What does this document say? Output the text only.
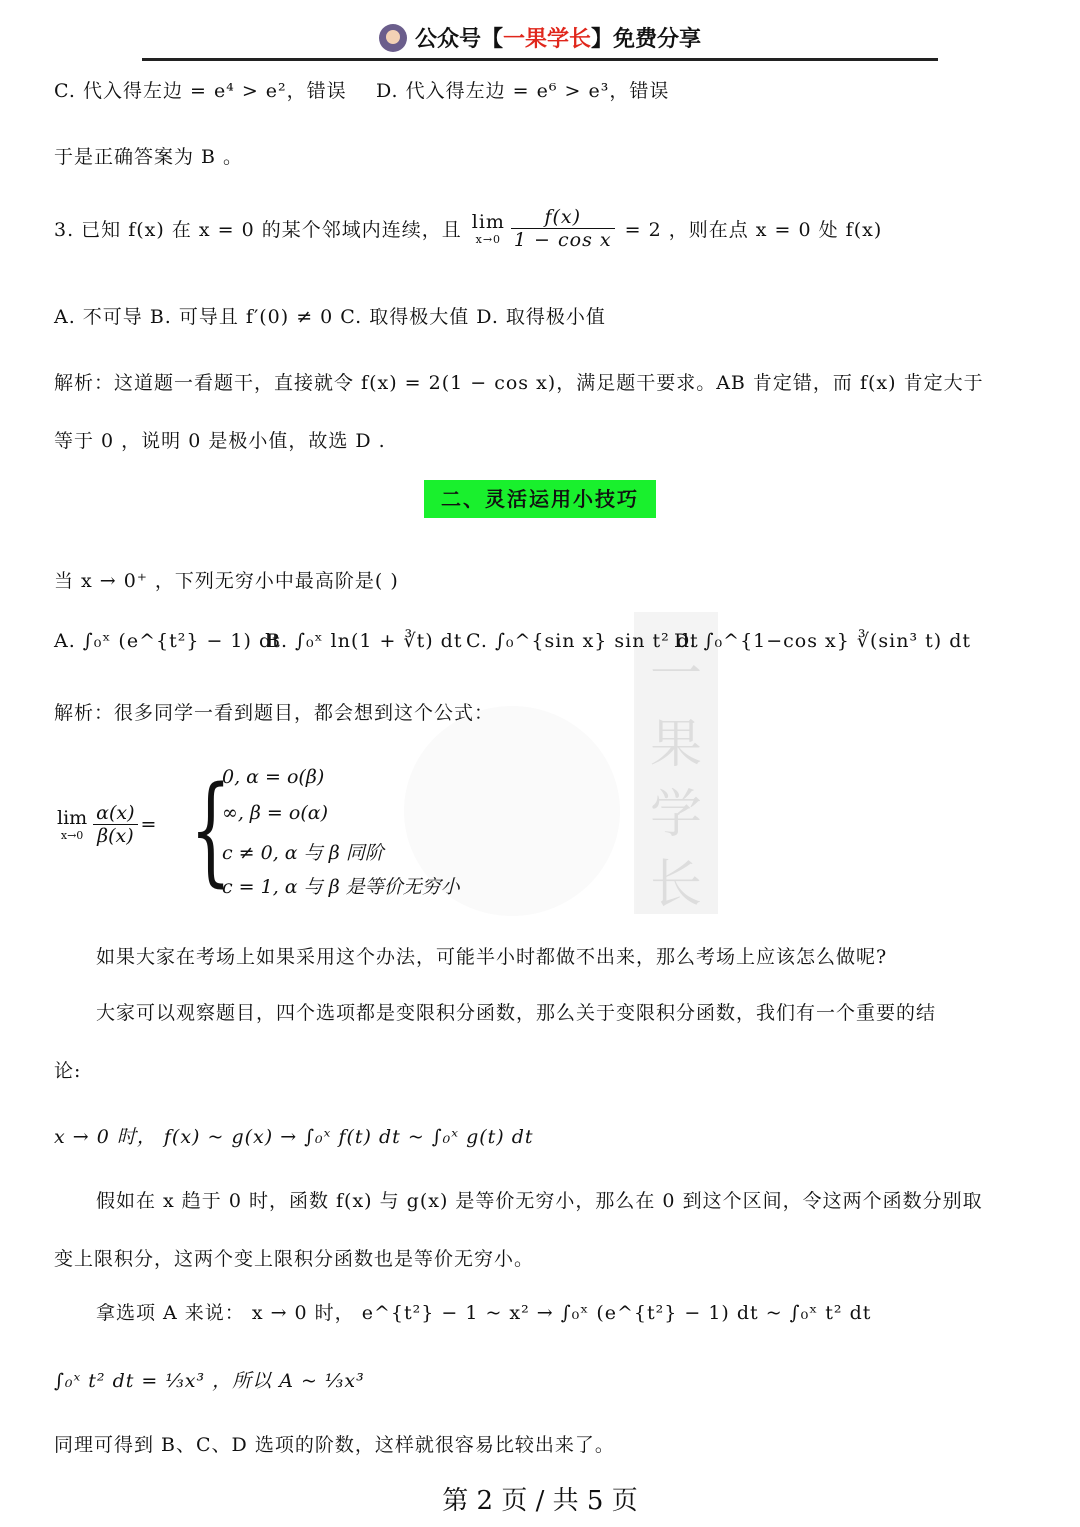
公众号【一果学长】免费分享
一
果
学
长
C. 代入得左边 = e⁴ > e²，错误 D. 代入得左边 = e⁶ > e³，错误
于是正确答案为 B 。
3. 已知 f(x) 在 x = 0 的某个邻域内连续，且 lim
$x\to 0 \frac{f(x)}{\text{1 − cos x}} = 2$ ，则在点 x = 0 处 f(x)
A. 不可导 B. 可导且 f′(0) ≠ 0 C. 取得极大值 D. 取得极小值
解析：这道题一看题干，直接就令 f(x) = 2(1 − cos x)，满足题干要求。AB 肯定错，而 f(x) 肯定大于
等于 0 ，说明 0 是极小值，故选 D .
二、灵活运用小技巧
当 x → 0⁺ ，下列无穷小中最高阶是( )
A. ∫₀ˣ (e^{t²} − 1) dt
B. ∫₀ˣ ln(1 + ∛t) dt C. ∫₀^{sin x} sin t² dt
D. ∫₀^{1−cos x} ∛(sin³ t) dt
解析：很多同学一看到题目，都会想到这个公式：
lim
$x\to 0 \frac{\alpha(x)}{\beta(x)}$ = {
0, α = o(β)
∞, β = o(α)
c ≠ 0, α 与 β 同阶
c = 1, α 与 β 是等价无穷小
如果大家在考场上如果采用这个办法，可能半小时都做不出来，那么考场上应该怎么做呢?
大家可以观察题目，四个选项都是变限积分函数，那么关于变限积分函数，我们有一个重要的结
论:
x → 0 时， f(x) ~ g(x) → ∫₀ˣ f(t) dt ~ ∫₀ˣ g(t) dt
假如在 x 趋于 0 时，函数 f(x) 与 g(x) 是等价无穷小，那么在 0 到这个区间，令这两个函数分别取
变上限积分，这两个变上限积分函数也是等价无穷小。
拿选项 A 来说： x → 0 时， e^{t²} − 1 ~ x² → ∫₀ˣ (e^{t²} − 1) dt ~ ∫₀ˣ t² dt
∫₀ˣ t² dt = ⅓x³ ，所以 A ~ ⅓x³
同理可得到 B、C、D 选项的阶数，这样就很容易比较出来了。
第 2 页 / 共 5 页
